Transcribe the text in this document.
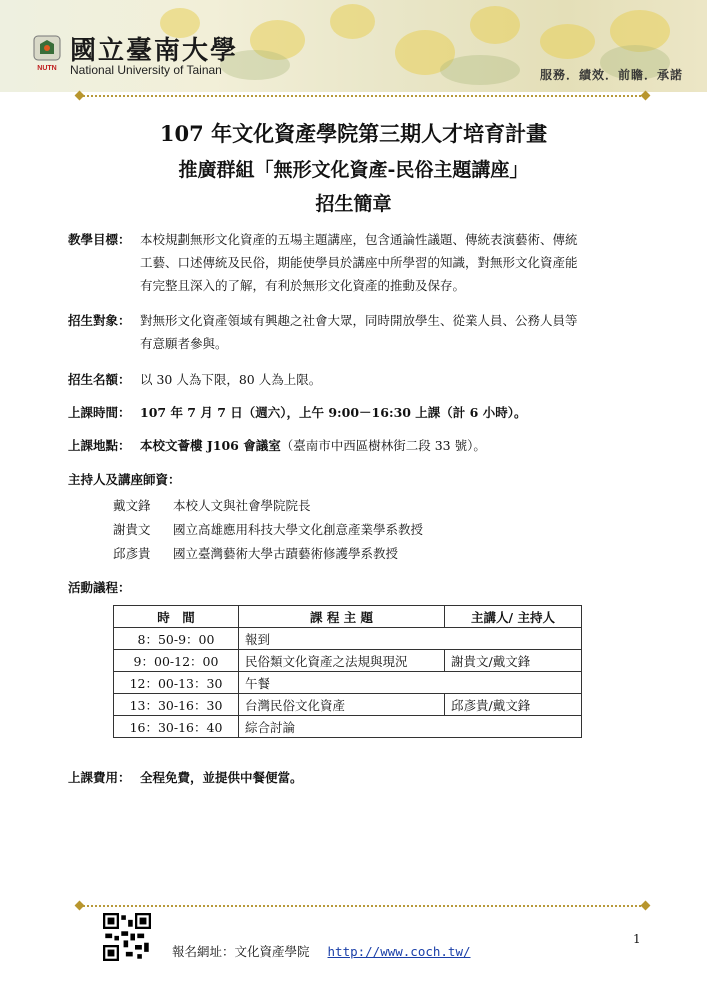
NUTN
國立臺南大學
National University of Tainan	服務．績效．前瞻．承諾
107 年文化資產學院第三期人才培育計畫
推廣群組「無形文化資產-民俗主題講座」
招生簡章
教學目標： 本校規劃無形文化資產的五場主題講座，包含通論性議題、傳統表演藝術、傳統
工藝、口述傳統及民俗，期能使學員於講座中所學習的知識，對無形文化資產能
有完整且深入的了解，有利於無形文化資產的推動及保存。
招生對象： 對無形文化資產領域有興趣之社會大眾，同時開放學生、從業人員、公務人員等
有意願者參與。
招生名額： 以 30 人為下限，80 人為上限。
上課時間： 107 年 7 月 7 日（週六），上午 9:00－16:30 上課（計 6 小時）。
上課地點： 本校文薈樓 J106 會議室（臺南市中西區樹林街二段 33 號）。
主持人及講座師資：
戴文鋒 本校人文與社會學院院長
謝貴文 國立高雄應用科技大學文化創意產業學系教授
邱彥貴 國立臺灣藝術大學古蹟藝術修護學系教授
活動議程：
時　間	課 程 主 題	主講人/ 主持人
8：50-9：00	報到	
9：00-12：00	民俗類文化資產之法規與現況	謝貴文/戴文鋒
12：00-13：30	午餐	
13：30-16：30	台灣民俗文化資產	邱彥貴/戴文鋒
16：30-16：40	綜合討論	
上課費用： 全程免費，並提供中餐便當。
報名網址：文化資產學院 http://www.coch.tw/
1
